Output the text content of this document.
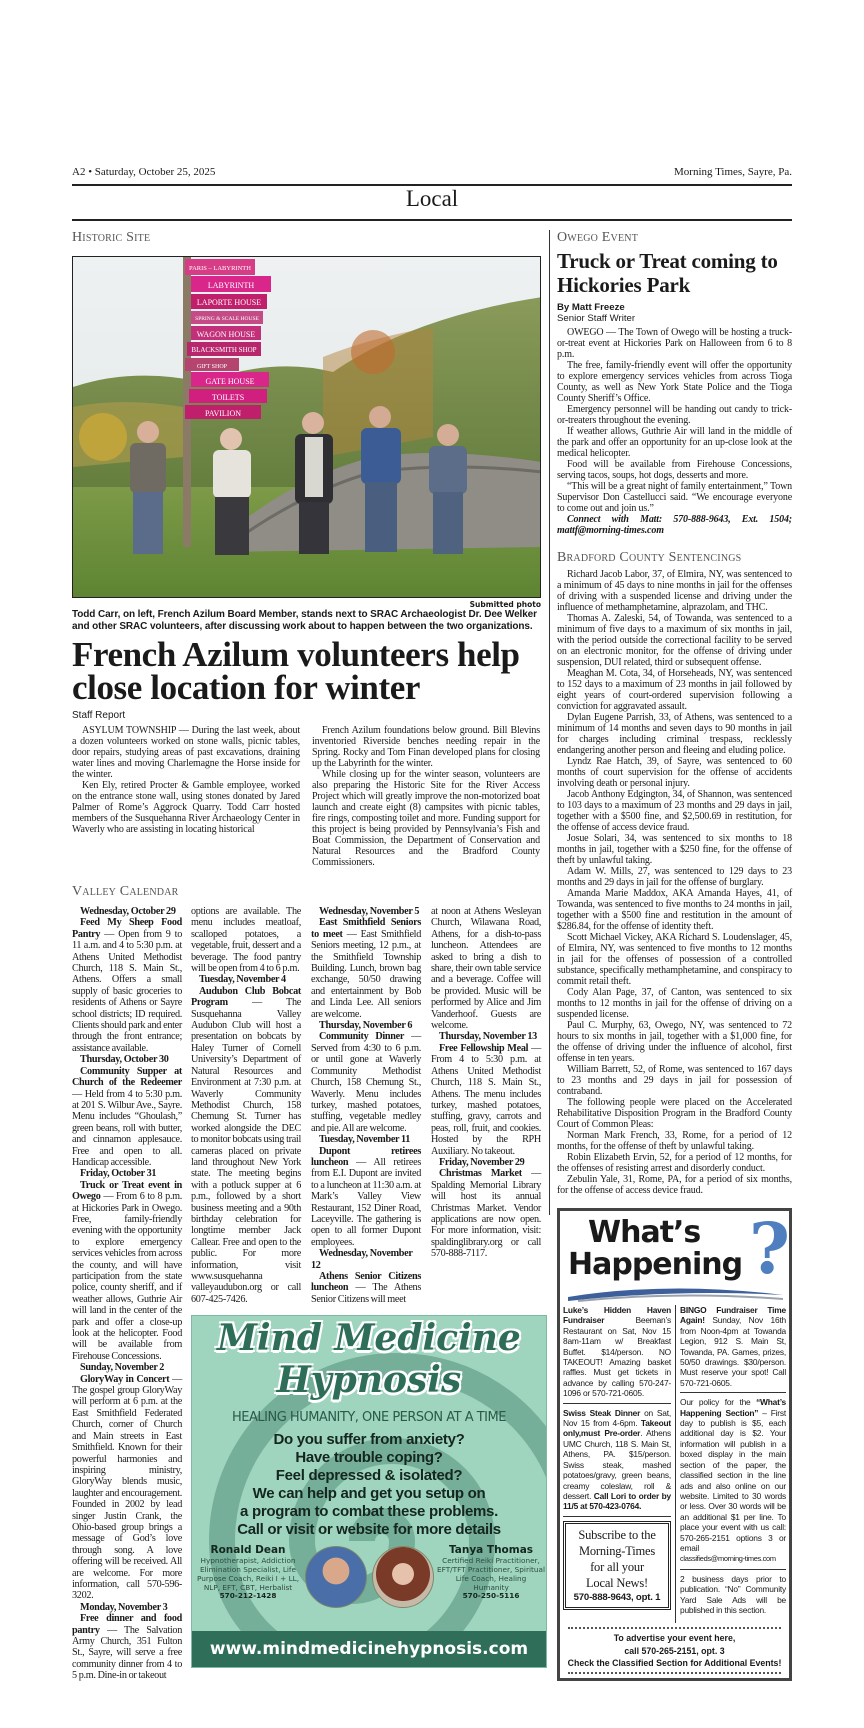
A2 • Saturday, October 25, 2025	Morning Times, Sayre, Pa.
Local
Historic Site
PARIS – LABYRINTH
LABYRINTH
LAPORTE HOUSE
SPRING & SCALE HOUSE
WAGON HOUSE
BLACKSMITH SHOP
GIFT SHOP
GATE HOUSE
TOILETS
PAVILION
Submitted photo
Todd Carr, on left, French Azilum Board Member, stands next to SRAC Archaeologist Dr. Dee Welker and other SRAC volunteers, after discussing work about to happen between the two organizations.
French Azilum volunteers help close location for winter
Staff Report

ASYLUM TOWNSHIP — During the last week, about a dozen volunteers worked on stone walls, picnic tables, door repairs, studying areas of past excavations, draining water lines and moving Charlemagne the Horse inside for the winter.

Ken Ely, retired Procter & Gamble employee, worked on the entrance stone wall, using stones donated by Jared Palmer of Rome’s Aggrock Quarry. Todd Carr hosted members of the Susquehanna River Archaeology Center in Waverly who are assisting in locating historical

French Azilum foundations below ground. Bill Blevins inventoried Riverside benches needing repair in the Spring. Rocky and Tom Finan developed plans for closing up the Labyrinth for the winter.

While closing up for the winter season, volunteers are also preparing the Historic Site for the River Access Project which will greatly improve the non-motorized boat launch and create eight (8) campsites with picnic tables, fire rings, composting toilet and more. Funding support for this project is being provided by Pennsylvania’s Fish and Boat Commission, the Department of Conservation and Natural Resources and the Bradford County Commissioners.

Valley Calendar
Wednesday, October 29

Feed My Sheep Food Pantry — Open from 9 to 11 a.m. and 4 to 5:30 p.m. at Athens United Methodist Church, 118 S. Main St., Athens. Offers a small supply of basic groceries to residents of Athens or Sayre school districts; ID required. Clients should park and enter through the front entrance; assistance available.

Thursday, October 30

Community Supper at Church of the Redeemer — Held from 4 to 5:30 p.m. at 201 S. Wilbur Ave., Sayre. Menu includes “Ghoulash,” green beans, roll with butter, and cinnamon applesauce. Free and open to all. Handicap accessible.

Friday, October 31

Truck or Treat event in Owego — From 6 to 8 p.m. at Hickories Park in Owego. Free, family-friendly evening with the opportunity to explore emergency services vehicles from across the county, and will have participation from the state police, county sheriff, and if weather allows, Guthrie Air will land in the center of the park and offer a close-up look at the helicopter. Food will be available from Firehouse Concessions.

Sunday, November 2

GloryWay in Concert — The gospel group GloryWay will perform at 6 p.m. at the East Smithfield Federated Church, corner of Church and Main streets in East Smithfield. Known for their powerful harmonies and inspiring ministry, GloryWay blends music, laughter and encouragement. Founded in 2002 by lead singer Justin Crank, the Ohio-based group brings a message of God’s love through song. A love offering will be received. All are welcome. For more information, call 570-596-3202.

Monday, November 3

Free dinner and food pantry — The Salvation Army Church, 351 Fulton St., Sayre, will serve a free community dinner from 4 to 5 p.m. Dine-in or takeout

options are available. The menu includes meatloaf, scalloped potatoes, a vegetable, fruit, dessert and a beverage. The food pantry will be open from 4 to 6 p.m.

Tuesday, November 4

Audubon Club Bobcat Program — The Susquehanna Valley Audubon Club will host a presentation on bobcats by Haley Turner of Cornell University’s Department of Natural Resources and Environment at 7:30 p.m. at Waverly Community Methodist Church, 158 Chemung St. Turner has worked alongside the DEC to monitor bobcats using trail cameras placed on private land throughout New York state. The meeting begins with a potluck supper at 6 p.m., followed by a short business meeting and a 90th birthday celebration for longtime member Jack Callear. Free and open to the public. For more information, visit www.susquehanna valleyaudubon.org or call 607-425-7426.

Wednesday, November 5

East Smithfield Seniors to meet — East Smithfield Seniors meeting, 12 p.m., at the Smithfield Township Building. Lunch, brown bag exchange, 50/50 drawing and entertainment by Bob and Linda Lee. All seniors are welcome.

Thursday, November 6

Community Dinner — Served from 4:30 to 6 p.m. or until gone at Waverly Community Methodist Church, 158 Chemung St., Waverly. Menu includes turkey, mashed potatoes, stuffing, vegetable medley and pie. All are welcome.

Tuesday, November 11

Dupont retirees luncheon — All retirees from E.I. Dupont are invited to a luncheon at 11:30 a.m. at Mark’s Valley View Restaurant, 152 Diner Road, Laceyville. The gathering is open to all former Dupont employees.

Wednesday, November 12

Athens Senior Citizens luncheon — The Athens Senior Citizens will meet

at noon at Athens Wesleyan Church, Wilawana Road, Athens, for a dish-to-pass luncheon. Attendees are asked to bring a dish to share, their own table service and a beverage. Coffee will be provided. Music will be performed by Alice and Jim Vanderhoof. Guests are welcome.

Thursday, November 13

Free Fellowship Meal — From 4 to 5:30 p.m. at Athens United Methodist Church, 118 S. Main St., Athens. The menu includes turkey, mashed potatoes, stuffing, gravy, carrots and peas, roll, fruit, and cookies. Hosted by the RPH Auxiliary. No takeout.

Friday, November 29

Christmas Market — Spalding Memorial Library will host its annual Christmas Market. Vendor applications are now open. For more information, visit: spaldinglibrary.org or call 570-888-7117.

Mind Medicine
Hypnosis
HEALING HUMANITY, ONE PERSON AT A TIME
Do you suffer from anxiety?
Have trouble coping?
Feel depressed & isolated?
We can help and get you setup on
a program to combat these problems.
Call or visit or website for more details
Ronald Dean
Hypnotherapist, Addiction Elimination Specialist, Life Purpose Coach, Reiki I + LL, NLP, EFT, CBT, Herbalist
570-212-1428
Tanya Thomas
Certified Reiki Practitioner, EFT/TFT Practitioner, Spiritual Life Coach, Healing Humanity
570-250-5116
www.mindmedicinehypnosis.com
Owego Event
Truck or Treat coming to Hickories Park
By Matt Freeze
Senior Staff Writer

OWEGO — The Town of Owego will be hosting a truck-or-treat event at Hickories Park on Halloween from 6 to 8 p.m.

The free, family-friendly event will offer the opportunity to explore emergency services vehicles from across Tioga County, as well as New York State Police and the Tioga County Sheriff’s Office.

Emergency personnel will be handing out candy to trick-or-treaters throughout the evening.

If weather allows, Guthrie Air will land in the middle of the park and offer an opportunity for an up-close look at the medical helicopter.

Food will be available from Firehouse Concessions, serving tacos, soups, hot dogs, desserts and more.

“This will be a great night of family entertainment,” Town Supervisor Don Castellucci said. “We encourage everyone to come out and join us.”

Connect with Matt: 570-888-9643, Ext. 1504; mattf@morning-times.com

Bradford County Sentencings

Richard Jacob Labor, 37, of Elmira, NY, was sentenced to a minimum of 45 days to nine months in jail for the offenses of driving with a suspended license and driving under the influence of methamphetamine, alprazolam, and THC.

Thomas A. Zaleski, 54, of Towanda, was sentenced to a minimum of five days to a maximum of six months in jail, with the period outside the correctional facility to be served on an electronic monitor, for the offense of driving under suspension, DUI related, third or subsequent offense.

Meaghan M. Cota, 34, of Horseheads, NY, was sentenced to 152 days to a maximum of 23 months in jail followed by eight years of court-ordered supervision following a conviction for aggravated assault.

Dylan Eugene Parrish, 33, of Athens, was sentenced to a minimum of 14 months and seven days to 90 months in jail for charges including criminal trespass, recklessly endangering another person and fleeing and eluding police.

Lyndz Rae Hatch, 39, of Sayre, was sentenced to 60 months of court supervision for the offense of accidents involving death or personal injury.

Jacob Anthony Edgington, 34, of Shannon, was sentenced to 103 days to a maximum of 23 months and 29 days in jail, together with a $500 fine, and $2,500.69 in restitution, for the offense of access device fraud.

Josue Solari, 34, was sentenced to six months to 18 months in jail, together with a $250 fine, for the offense of theft by unlawful taking.

Adam W. Mills, 27, was sentenced to 129 days to 23 months and 29 days in jail for the offense of burglary.

Amanda Marie Maddox, AKA Amanda Hayes, 41, of Towanda, was sentenced to five months to 24 months in jail, together with a $500 fine and restitution in the amount of $286.84, for the offense of identity theft.

Scott Michael Vickey, AKA Richard S. Loudenslager, 45, of Elmira, NY, was sentenced to five months to 12 months in jail for the offenses of possession of a controlled substance, specifically methamphetamine, and conspiracy to commit retail theft.

Cody Alan Page, 37, of Canton, was sentenced to six months to 12 months in jail for the offense of driving on a suspended license.

Paul C. Murphy, 63, Owego, NY, was sentenced to 72 hours to six months in jail, together with a $1,000 fine, for the offense of driving under the influence of alcohol, first offense in ten years.

William Barrett, 52, of Rome, was sentenced to 167 days to 23 months and 29 days in jail for possession of contraband.

The following people were placed on the Accelerated Rehabilitative Disposition Program in the Bradford County Court of Common Pleas:

Norman Mark French, 33, Rome, for a period of 12 months, for the offense of theft by unlawful taking.

Robin Elizabeth Ervin, 52, for a period of 12 months, for the offenses of resisting arrest and disorderly conduct.

Zebulin Yale, 31, Rome, PA, for a period of six months, for the offense of access device fraud.

What’s
Happening ?
Luke’s Hidden Haven Fundraiser Beeman’s Restaurant on Sat, Nov 15 8am-11am w/ Breakfast Buffet. $14/person. NO TAKEOUT! Amazing basket raffles. Must get tickets in advance by calling 570-247-1096 or 570-721-0605.
Swiss Steak Dinner on Sat, Nov 15 from 4-6pm. Takeout only,must Pre-order. Athens UMC Church, 118 S. Main St, Athens, PA. $15/person. Swiss steak, mashed potatoes/gravy, green beans, creamy coleslaw, roll & dessert. Call Lori to order by 11/5 at 570-423-0764.
Subscribe to the
Morning-Times
for all your
Local News!
570-888-9643, opt. 1
BINGO Fundraiser Time Again! Sunday, Nov 16th from Noon-4pm at Towanda Legion, 912 S. Main St, Towanda, PA. Games, prizes, 50/50 drawings. $30/person. Must reserve your spot! Call 570-721-0605.
Our policy for the “What’s Happening Section” – First day to publish is $5, each additional day is $2. Your information will publish in a boxed display in the main section of the paper, the classified section in the line ads and also online on our website. Limited to 30 words or less. Over 30 words will be an additional $1 per line. To place your event with us call: 570-265-2151 options 3 or email
classifieds@morning-times.com
2 business days prior to publication. “No” Community Yard Sale Ads will be published in this section.
To advertise your event here,
call 570-265-2151, opt. 3
Check the Classified Section for Additional Events!
